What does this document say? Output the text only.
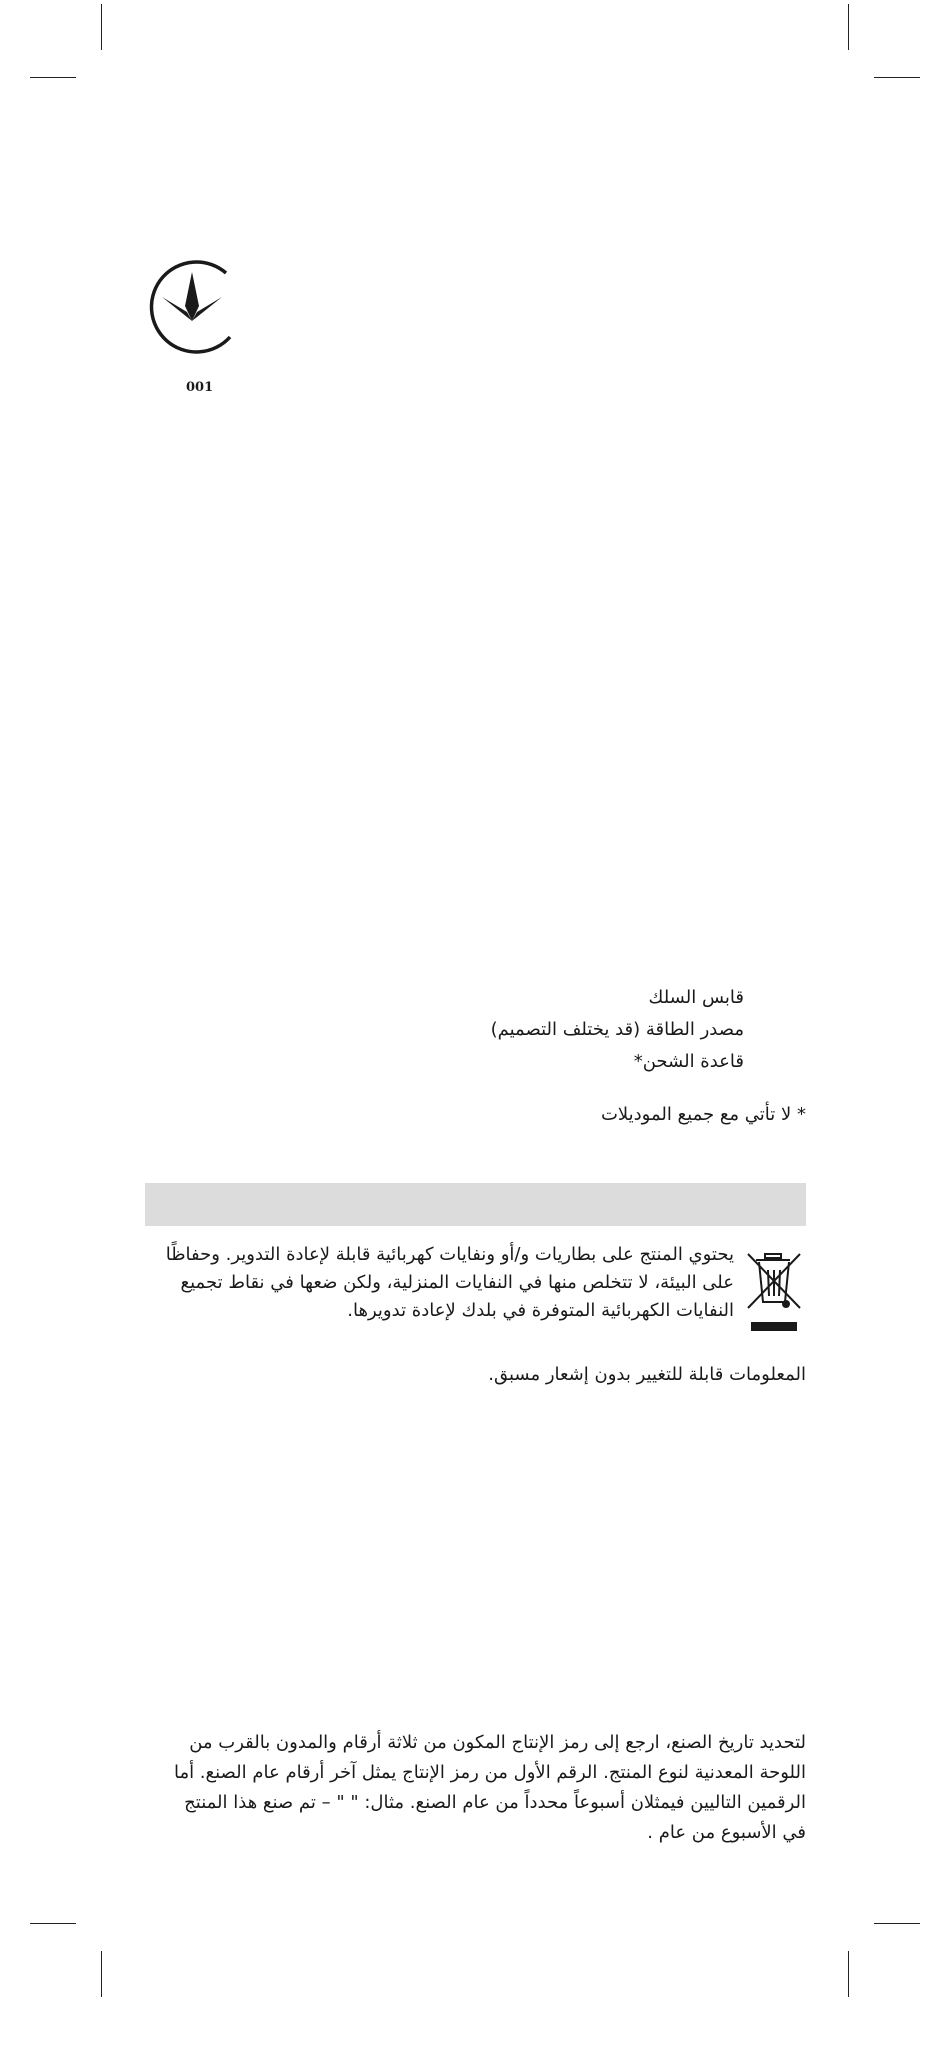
001
قابس السلك
مصدر الطاقة (قد يختلف التصميم)
قاعدة الشحن*
* لا تأتي مع جميع الموديلات
يحتوي المنتج على بطاريات و/أو ونفايات كهربائية قابلة لإعادة التدوير. وحفاظًا على البيئة، لا تتخلص منها في النفايات المنزلية، ولكن ضعها في نقاط تجميع النفايات الكهربائية المتوفرة في بلدك لإعادة تدويرها.
المعلومات قابلة للتغيير بدون إشعار مسبق.
لتحديد تاريخ الصنع، ارجع إلى رمز الإنتاج المكون من ثلاثة أرقام والمدون بالقرب من اللوحة المعدنية لنوع المنتج. الرقم الأول من رمز الإنتاج يمثل آخر أرقام عام الصنع. أما الرقمين التاليين فيمثلان أسبوعاً محدداً من عام الصنع. مثال: " " – تم صنع هذا المنتج في الأسبوع من عام .
